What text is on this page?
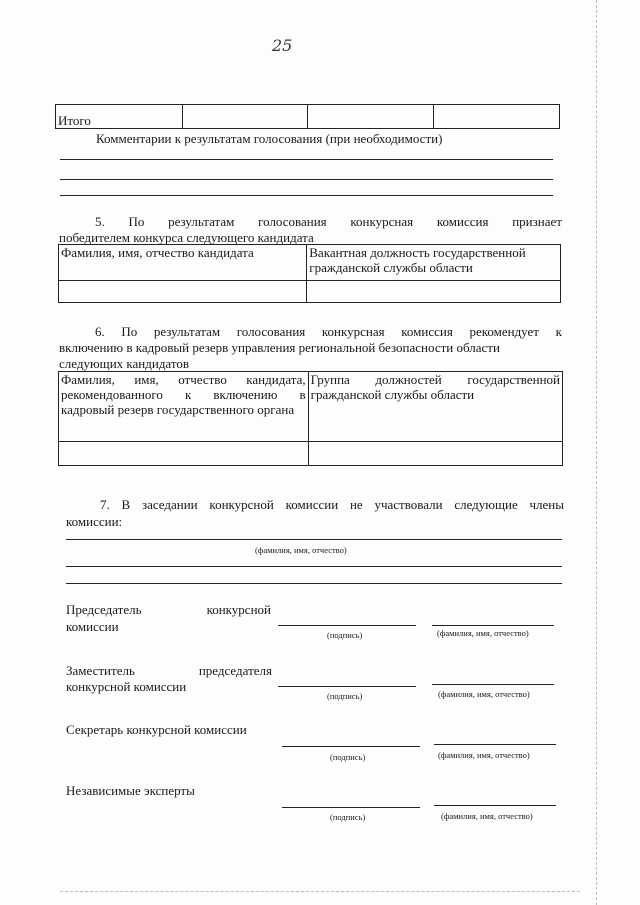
25
Итого			
Комментарии к результатам голосования (при необходимости)
5. По результатам голосования конкурсная комиссия признает
победителем конкурса следующего кандидата
Фамилия, имя, отчество кандидата	Вакантная должность государственной гражданской службы области

6. По результатам голосования конкурсная комиссия рекомендует к
включению в кадровый резерв управления региональной безопасности области
следующих кандидатов
Фамилия, имя, отчество кандидата, рекомендованного к включению в кадровый резерв государственного органа	Группа должностей государственной гражданской службы области

7. В заседании конкурсной комиссии не участвовали следующие члены
комиссии:
(фамилия, имя, отчество)
Председатель	конкурсной
комиссии
(подпись)	(фамилия, имя, отчество)
Заместитель	председателя
конкурсной комиссии
(подпись)	(фамилия, имя, отчество)
Секретарь конкурсной комиссии
(подпись)	(фамилия, имя, отчество)
Независимые эксперты
(подпись)	(фамилия, имя, отчество)
